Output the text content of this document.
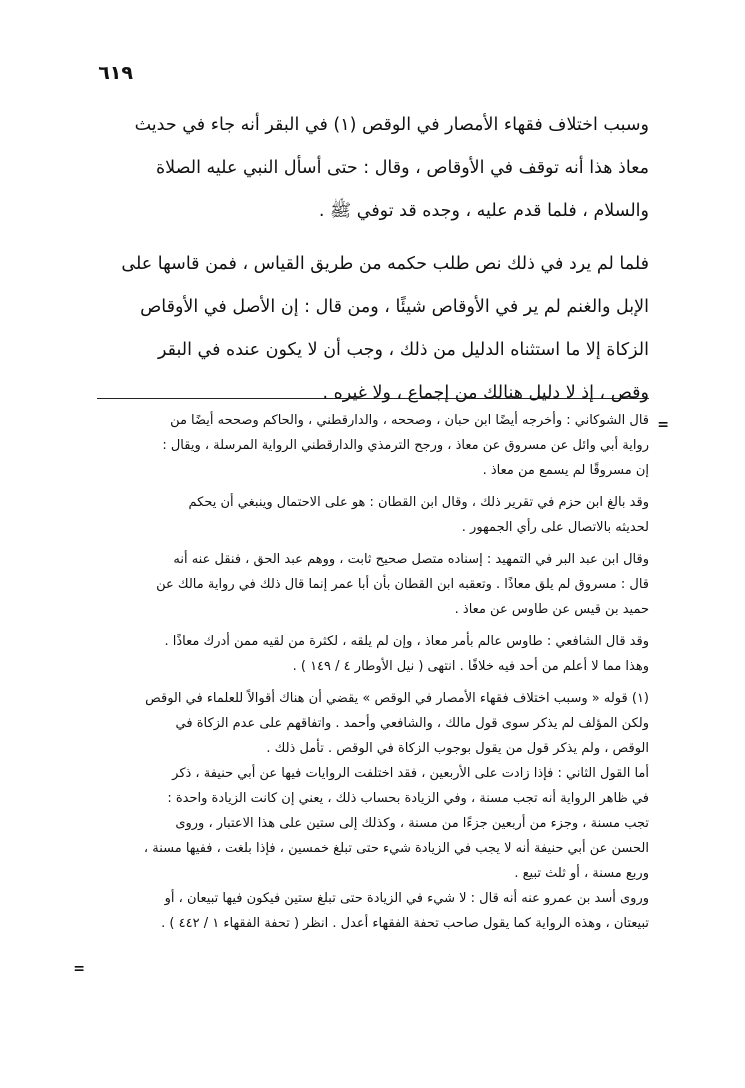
٦١٩
وسبب اختلاف فقهاء الأمصار في الوقص (١) في البقر أنه جاء في حديث
معاذ هذا أنه توقف في الأوقاص ، وقال : حتى أسأل النبي عليه الصلاة
والسلام ، فلما قدم عليه ، وجده قد توفي ﷺ .
فلما لم يرد في ذلك نص طلب حكمه من طريق القياس ، فمن قاسها على
الإبل والغنم لم ير في الأوقاص شيئًا ، ومن قال : إن الأصل في الأوقاص
الزكاة إلا ما استثناه الدليل من ذلك ، وجب أن لا يكون عنده في البقر
وقص ، إذ لا دليل هنالك من إجماع ، ولا غيره .
=
=
قال الشوكاني : وأخرجه أيضًا ابن حبان ، وصححه ، والدارقطني ، والحاكم وصححه أيضًا من
رواية أبي وائل عن مسروق عن معاذ ، ورجح الترمذي والدارقطني الرواية المرسلة ، ويقال :
إن مسروقًا لم يسمع من معاذ .
وقد بالغ ابن حزم في تقرير ذلك ، وقال ابن القطان : هو على الاحتمال وينبغي أن يحكم
لحديثه بالاتصال على رأي الجمهور .
وقال ابن عبد البر في التمهيد : إسناده متصل صحيح ثابت ، ووهم عبد الحق ، فنقل عنه أنه
قال : مسروق لم يلق معاذًا . وتعقبه ابن القطان بأن أبا عمر إنما قال ذلك في رواية مالك عن
حميد بن قيس عن طاوس عن معاذ .
وقد قال الشافعي : طاوس عالم بأمر معاذ ، وإن لم يلقه ، لكثرة من لقيه ممن أدرك معاذًا .
وهذا مما لا أعلم من أحد فيه خلافًا . انتهى ( نيل الأوطار ٤ / ١٤٩ ) .
(١) قوله « وسبب اختلاف فقهاء الأمصار في الوقص » يقضي أن هناك أقوالاً للعلماء في الوقص
ولكن المؤلف لم يذكر سوى قول مالك ، والشافعي وأحمد . واتفاقهم على عدم الزكاة في
الوقص ، ولم يذكر قول من يقول بوجوب الزكاة في الوقص . تأمل ذلك .
أما القول الثاني : فإذا زادت على الأربعين ، فقد اختلفت الروايات فيها عن أبي حنيفة ، ذكر
في ظاهر الرواية أنه تجب مسنة ، وفي الزيادة بحساب ذلك ، يعني إن كانت الزيادة واحدة :
تجب مسنة ، وجزء من أربعين جزءًا من مسنة ، وكذلك إلى ستين على هذا الاعتبار ، وروى
الحسن عن أبي حنيفة أنه لا يجب في الزيادة شيء حتى تبلغ خمسين ، فإذا بلغت ، ففيها مسنة ،
وربع مسنة ، أو ثلث تبيع .
وروى أسد بن عمرو عنه أنه قال : لا شيء في الزيادة حتى تبلغ ستين فيكون فيها تبيعان ، أو
تبيعتان ، وهذه الرواية كما يقول صاحب تحفة الفقهاء أعدل . انظر ( تحفة الفقهاء ١ / ٤٤٢ ) .
